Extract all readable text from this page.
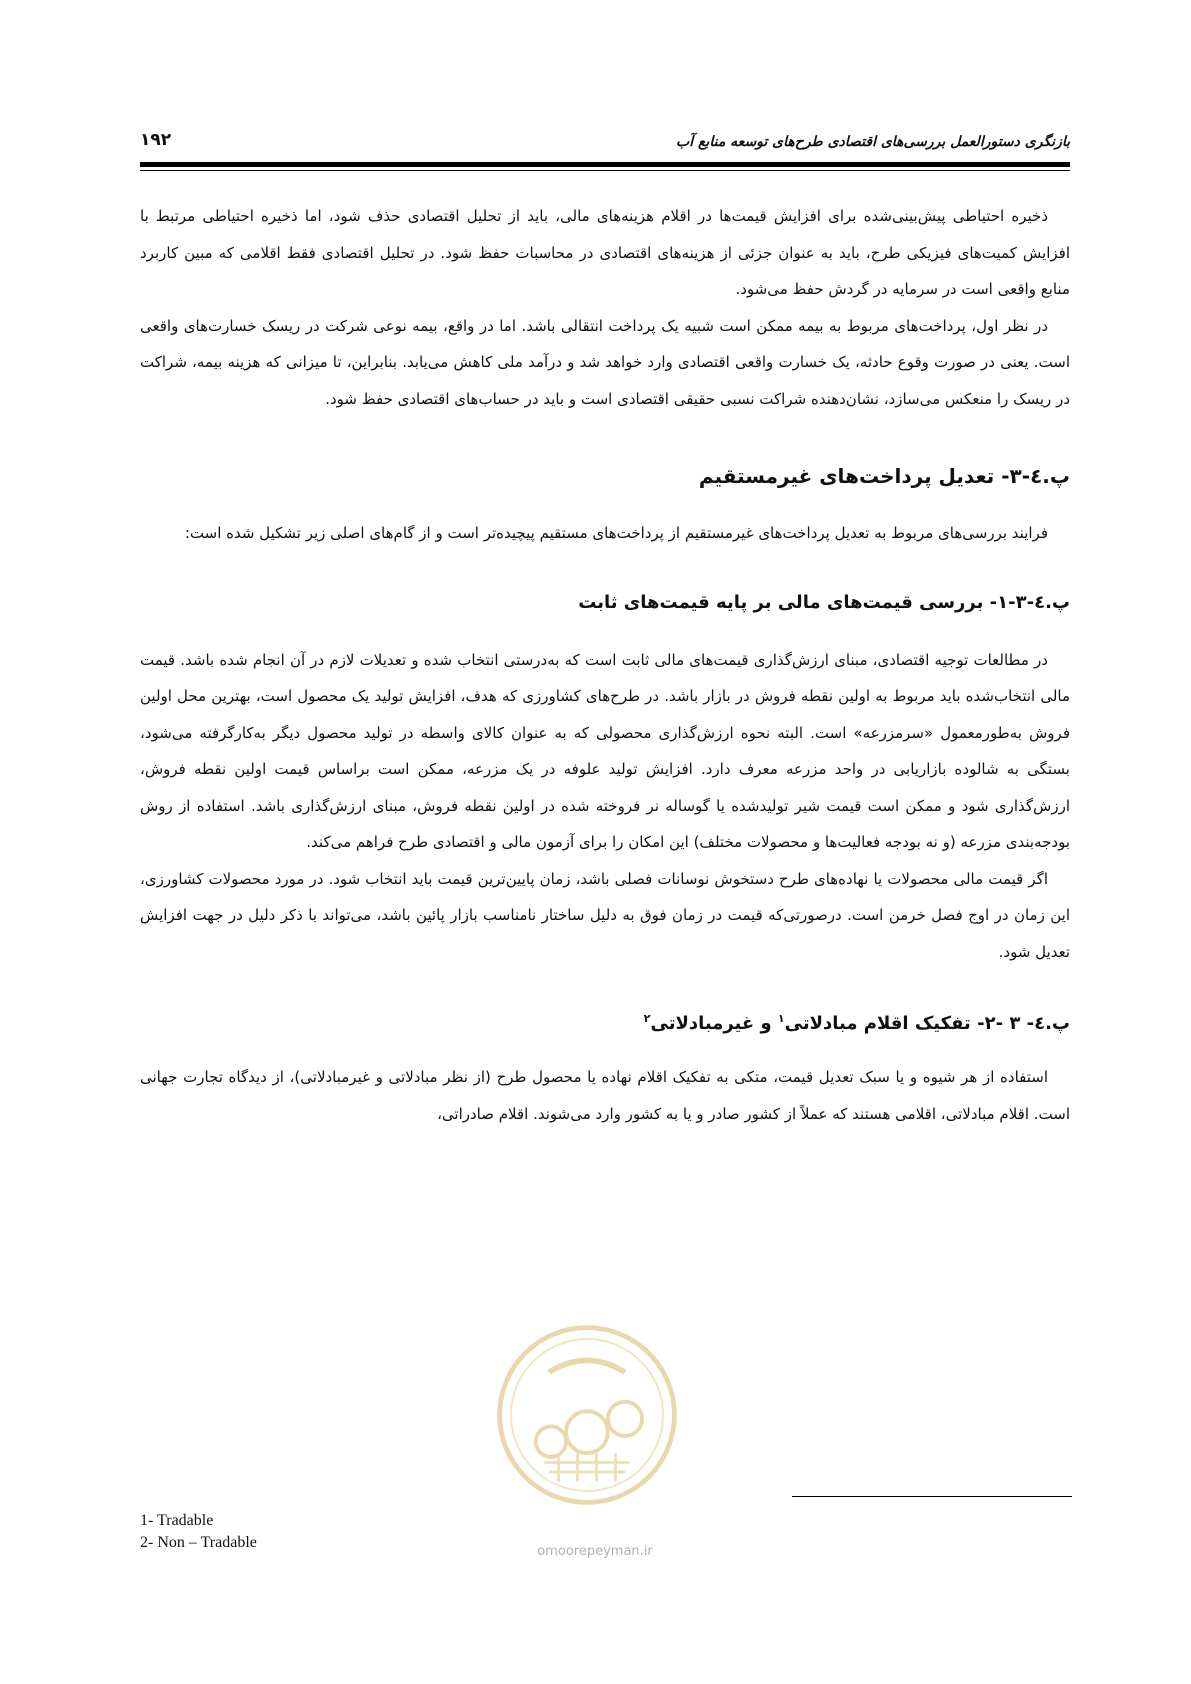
۱۹۲	بازنگری دستورالعمل بررسی‌های اقتصادی طرح‌های توسعه منابع آب

ذخیره احتیاطی پیش‌بینی‌شده برای افزایش قیمت‌ها در اقلام هزینه‌های مالی، باید از تحلیل اقتصادی حذف شود، اما ذخیره احتیاطی مرتبط با افزایش کمیت‌های فیزیکی طرح، باید به عنوان جزئی از هزینه‌های اقتصادی در محاسبات حفظ شود. در تحلیل اقتصادی فقط اقلامی که مبین کاربرد منابع واقعی است در سرمایه در گردش حفظ می‌شود.

در نظر اول، پرداخت‌های مربوط به بیمه ممکن است شبیه یک پرداخت انتقالی باشد. اما در واقع، بیمه نوعی شرکت در ریسک خسارت‌های واقعی است. یعنی در صورت وقوع حادثه، یک خسارت واقعی اقتصادی وارد خواهد شد و درآمد ملی کاهش می‌یابد. بنابراین، تا میزانی که هزینه بیمه، شراکت در ریسک را منعکس می‌سازد، نشان‌دهنده شراکت نسبی حقیقی اقتصادی است و باید در حساب‌های اقتصادی حفظ شود.

پ.٤-٣- تعدیل پرداخت‌های غیرمستقیم

فرایند بررسی‌های مربوط به تعدیل پرداخت‌های غیرمستقیم از پرداخت‌های مستقیم پیچیده‌تر است و از گام‌های اصلی زیر تشکیل شده است:

پ.٤-٣-١- بررسی قیمت‌های مالی بر پایه قیمت‌های ثابت

در مطالعات توجیه اقتصادی، مبنای ارزش‌گذاری قیمت‌های مالی ثابت است که به‌درستی انتخاب شده و تعدیلات لازم در آن انجام شده باشد. قیمت مالی انتخاب‌شده باید مربوط به اولین نقطه فروش در بازار باشد. در طرح‌های کشاورزی که هدف، افزایش تولید یک محصول است، بهترین محل اولین فروش به‌طورمعمول «سرمزرعه» است. البته نحوه ارزش‌گذاری محصولی که به عنوان کالای واسطه در تولید محصول دیگر به‌کارگرفته می‌شود، بستگی به شالوده بازاریابی در واحد مزرعه معرف دارد. افزایش تولید علوفه در یک مزرعه، ممکن است براساس قیمت اولین نقطه فروش، ارزش‌گذاری شود و ممکن است قیمت شیر تولیدشده یا گوساله نر فروخته شده در اولین نقطه فروش، مبنای ارزش‌گذاری باشد. استفاده از روش بودجه‌بندی مزرعه (و نه بودجه فعالیت‌ها و محصولات مختلف) این امکان را برای آزمون مالی و اقتصادی طرح فراهم می‌کند.

اگر قیمت مالی محصولات یا نهاده‌های طرح دستخوش نوسانات فصلی باشد، زمان پایین‌ترین قیمت باید انتخاب شود. در مورد محصولات کشاورزی، این زمان در اوج فصل خرمن است. درصورتی‌که قیمت در زمان فوق به دلیل ساختار نامناسب بازار پائین باشد، می‌تواند با ذکر دلیل در جهت افزایش تعدیل شود.

پ.٤- ٣ -٢- تفکیک اقلام مبادلاتی$^١$ و غیرمبادلاتی$^٢$

استفاده از هر شیوه و یا سبک تعدیل قیمت، متکی به تفکیک اقلام نهاده یا محصول طرح (از نظر مبادلاتی و غیرمبادلاتی)، از دیدگاه تجارت جهانی است. اقلام مبادلاتی، اقلامی هستند که عملاً از کشور صادر و یا به کشور وارد می‌شوند. اقلام صادراتی،

omoorepeyman.ir
1- Tradable
2- Non – Tradable
